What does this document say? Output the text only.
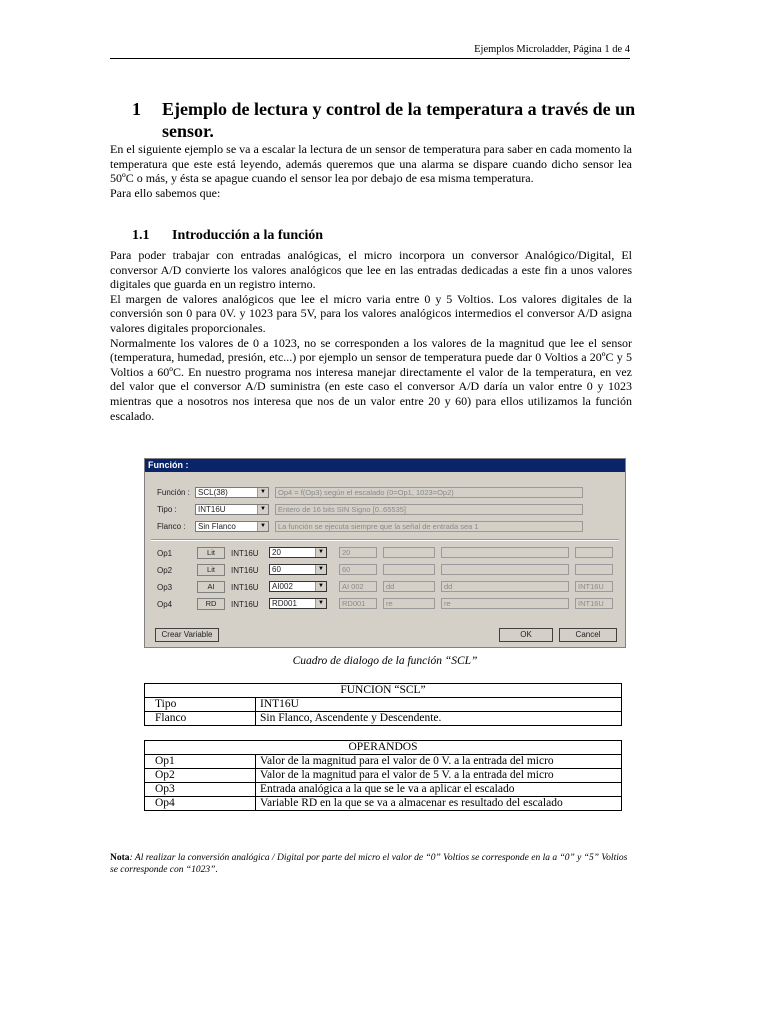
Ejemplos Microladder, Página 1 de 4
1 Ejemplo de lectura y control de la temperatura a través de un sensor.

En el siguiente ejemplo se va a escalar la lectura de un sensor de temperatura para saber en cada momento la temperatura que este está leyendo, además queremos que una alarma se dispare cuando dicho sensor lea 50ºC o más, y ésta se apague cuando el sensor lea por debajo de esa misma temperatura.

Para ello sabemos que:

1.1 Introducción a la función

Para poder trabajar con entradas analógicas, el micro incorpora un conversor Analógico/Digital, El conversor A/D convierte los valores analógicos que lee en las entradas dedicadas a este fin a unos valores digitales que guarda en un registro interno.

El margen de valores analógicos que lee el micro varia entre 0 y 5 Voltios. Los valores digitales de la conversión son 0 para 0V. y 1023 para 5V, para los valores analógicos intermedios el conversor A/D asigna valores digitales proporcionales.

Normalmente los valores de 0 a 1023, no se corresponden a los valores de la magnitud que lee el sensor (temperatura, humedad, presión, etc...) por ejemplo un sensor de temperatura puede dar 0 Voltios a 20ºC y 5 Voltios a 60ºC. En nuestro programa nos interesa manejar directamente el valor de la temperatura, en vez del valor que el conversor A/D suministra (en este caso el conversor A/D daría un valor entre 0 y 1023 mientras que a nosotros nos interesa que nos de un valor entre 20 y 60) para ellos utilizamos la función escalado.

Función :
Función :	SCL(38)	▼	Op4 = f(Op3) según el escalado (0=Op1, 1023=Op2)
Tipo :	INT16U	▼	Entero de 16 bits SIN Signo [0..65535]
Flanco :	Sin Flanco	▼	La función se ejecuta siempre que la señal de entrada sea 1
Op1	Lit	INT16U	20	▼	20
Op2	Lit	INT16U	60	▼	60
Op3	AI	INT16U	AI002	▼	AI 002	dd	dd	INT16U
Op4	RD	INT16U	RD001	▼	RD001	re	re	INT16U
Crear Variable	OK	Cancel
Cuadro de dialogo de la función “SCL”
FUNCION “SCL”	
Tipo	INT16U
Flanco	Sin Flanco, Ascendente y Descendente.
OPERANDOS	
Op1	Valor de la magnitud para el valor de 0 V. a la entrada del micro
Op2	Valor de la magnitud para el valor de 5 V. a la entrada del micro
Op3	Entrada analógica a la que se le va a aplicar el escalado
Op4	Variable RD en la que se va a almacenar es resultado del escalado
Nota: Al realizar la conversión analógica / Digital por parte del micro el valor de “0” Voltios se corresponde en la a “0” y “5” Voltios se corresponde con “1023”.
